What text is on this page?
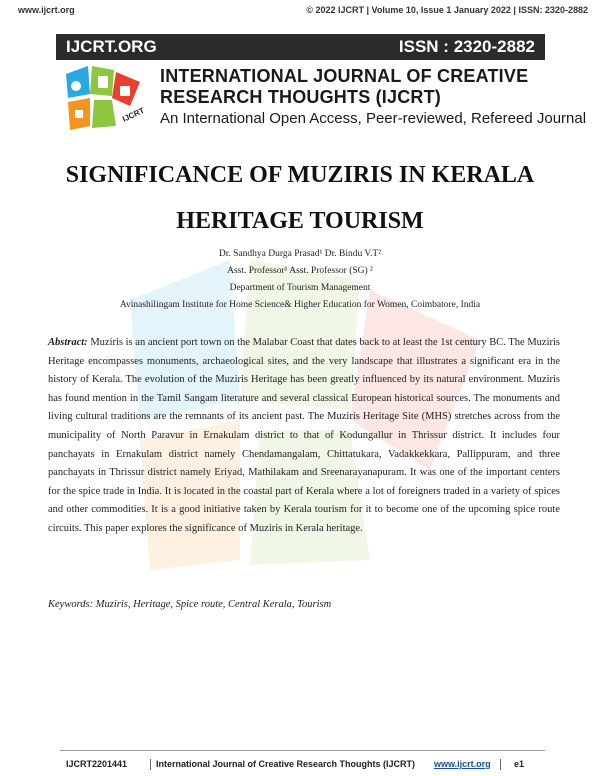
www.ijcrt.org	© 2022 IJCRT | Volume 10, Issue 1 January 2022 | ISSN: 2320-2882
IJCRT.ORG	ISSN : 2320-2882
IJCRT
INTERNATIONAL JOURNAL OF CREATIVE
RESEARCH THOUGHTS (IJCRT)
An International Open Access, Peer-reviewed, Refereed Journal
SIGNIFICANCE OF MUZIRIS IN KERALA
HERITAGE TOURISM
Dr. Sandhya Durga Prasad¹ Dr. Bindu V.T²
Asst. Professor¹ Asst. Professor (SG) ²
Department of Tourism Management
Avinashilingam Institute for Home Science& Higher Education for Women, Coimbatore, India
Abstract: Muziris is an ancient port town on the Malabar Coast that dates back to at least the 1st century BC. The Muziris Heritage encompasses monuments, archaeological sites, and the very landscape that illustrates a significant era in the history of Kerala. The evolution of the Muziris Heritage has been greatly influenced by its natural environment. Muziris has found mention in the Tamil Sangam literature and several classical European historical sources. The monuments and living cultural traditions are the remnants of its ancient past. The Muziris Heritage Site (MHS) stretches across from the municipality of North Paravur in Ernakulam district to that of Kodungallur in Thrissur district. It includes four panchayats in Ernakulam district namely Chendamangalam, Chittatukara, Vadakkekkara, Pallippuram, and three panchayats in Thrissur district namely Eriyad, Mathilakam and Sreenarayanapuram. It was one of the important centers for the spice trade in India. It is located in the coastal part of Kerala where a lot of foreigners traded in a variety of spices and other commodities. It is a good initiative taken by Kerala tourism for it to become one of the upcoming spice route circuits. This paper explores the significance of Muziris in Kerala heritage.
Keywords: Muziris, Heritage, Spice route, Central Kerala, Tourism
IJCRT2201441	International Journal of Creative Research Thoughts (IJCRT) www.ijcrt.org	e1
